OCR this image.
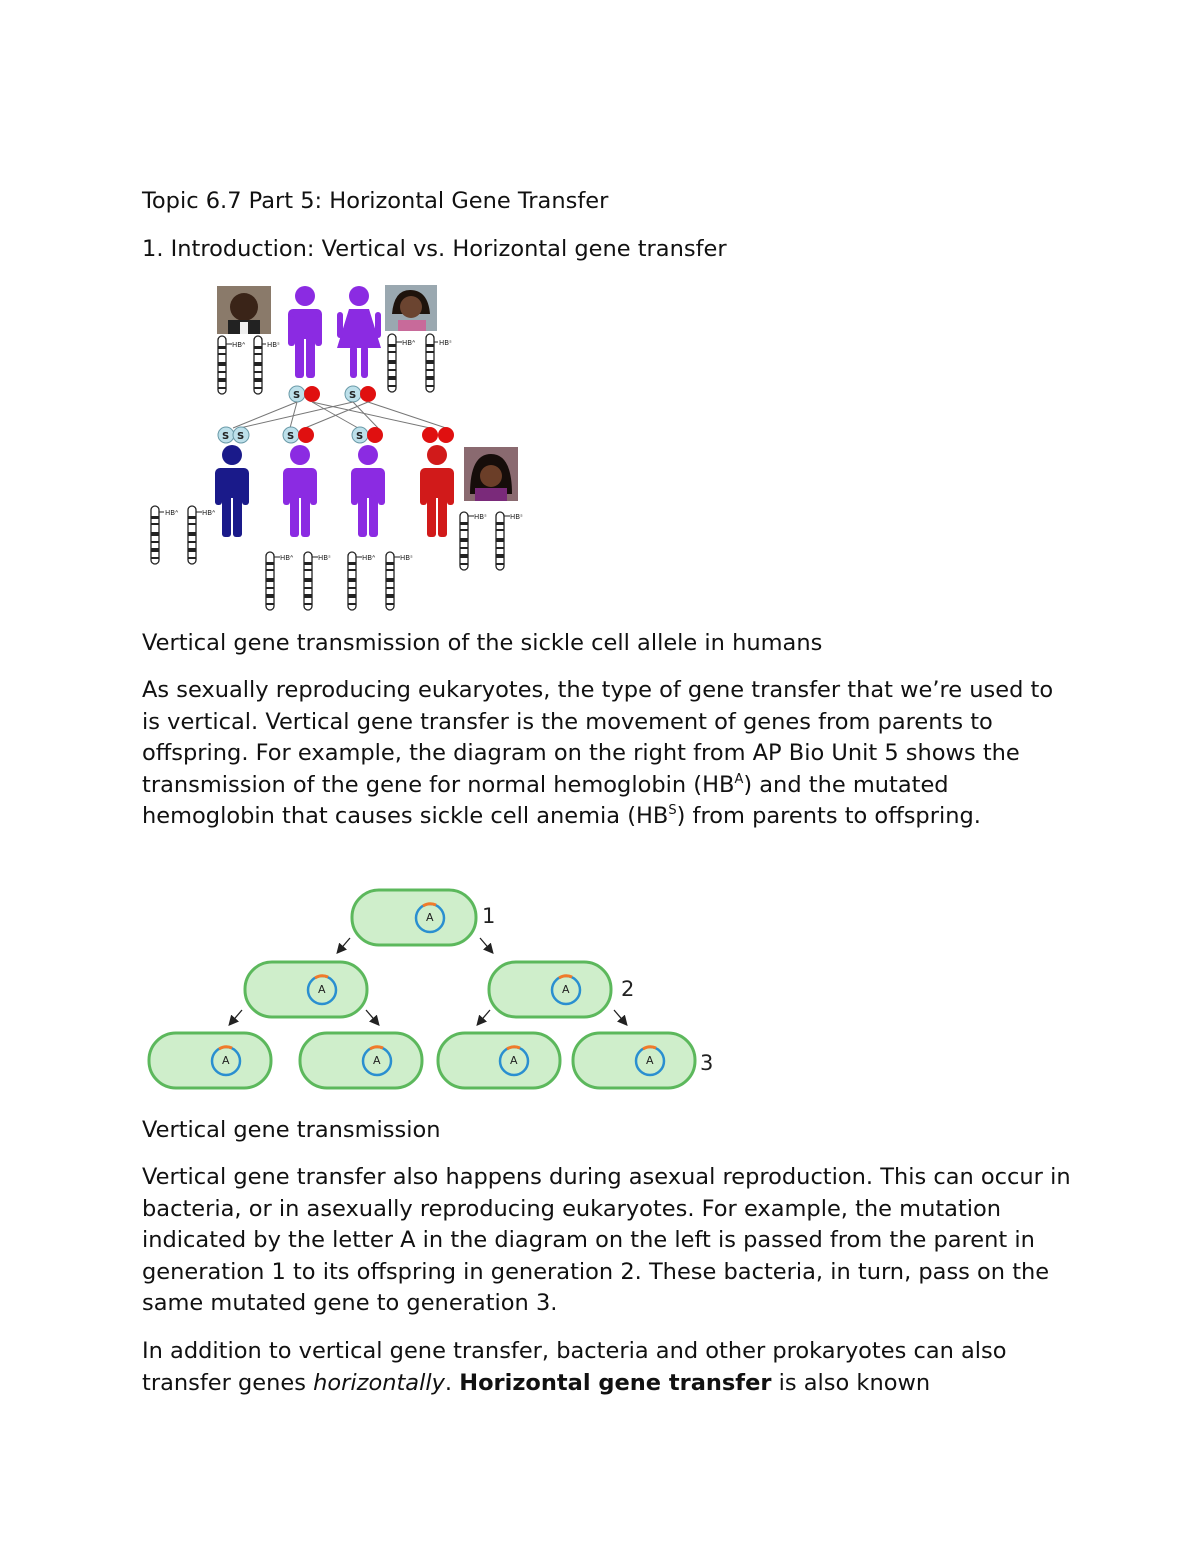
Topic 6.7 Part 5: Horizontal Gene Transfer

1. Introduction: Vertical vs. Horizontal gene transfer

HBᴬ	HBˢ	HBᴬ	HBˢ
S	S
S S	S	S
HBᴬ	HBᴬ
HBᴬ	HBˢ	HBᴬ	HBˢ
HBˢ	HBˢ

Vertical gene transmission of the sickle cell allele in humans

As sexually reproducing eukaryotes, the type of gene transfer that we’re used to is vertical. Vertical gene transfer is the movement of genes from parents to offspring. For example, the diagram on the right from AP Bio Unit 5 shows the transmission of the gene for normal hemoglobin $(HB^A)$ and the mutated hemoglobin that causes sickle cell anemia $(HB^S)$ from parents to offspring.

A 1
A	A 2
A	A	A	A 3

Vertical gene transmission

Vertical gene transfer also happens during asexual reproduction. This can occur in bacteria, or in asexually reproducing eukaryotes. For example, the mutation indicated by the letter A in the diagram on the left is passed from the parent in generation 1 to its offspring in generation 2. These bacteria, in turn, pass on the same mutated gene to generation 3.

In addition to vertical gene transfer, bacteria and other prokaryotes can also transfer genes horizontally. Horizontal gene transfer is also known
